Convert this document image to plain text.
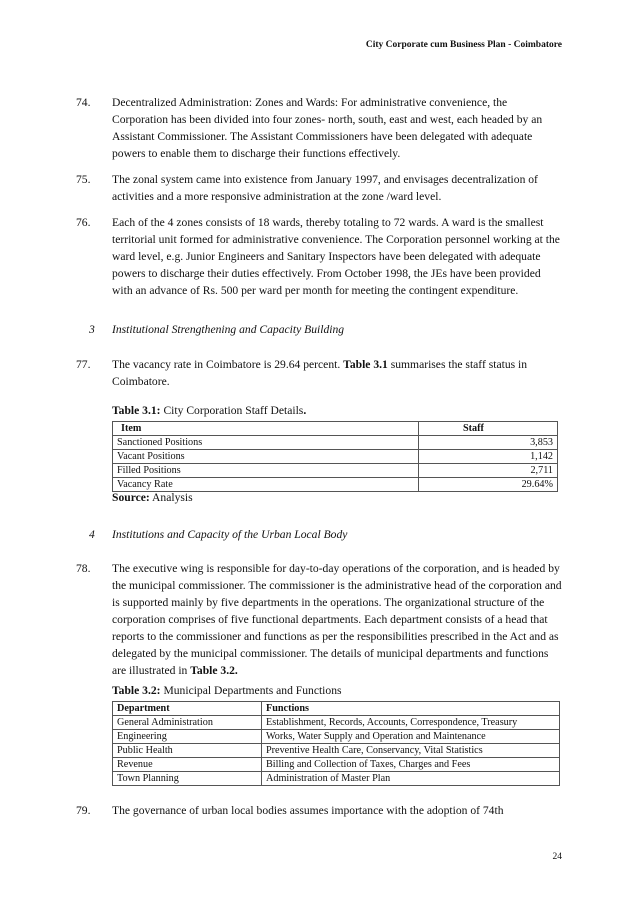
City Corporate cum Business Plan - Coimbatore
74. Decentralized Administration: Zones and Wards: For administrative convenience, the Corporation has been divided into four zones- north, south, east and west, each headed by an Assistant Commissioner. The Assistant Commissioners have been delegated with adequate powers to enable them to discharge their functions effectively.
75. The zonal system came into existence from January 1997, and envisages decentralization of activities and a more responsive administration at the zone /ward level.
76. Each of the 4 zones consists of 18 wards, thereby totaling to 72 wards. A ward is the smallest territorial unit formed for administrative convenience. The Corporation personnel working at the ward level, e.g. Junior Engineers and Sanitary Inspectors have been delegated with adequate powers to discharge their duties effectively. From October 1998, the JEs have been provided with an advance of Rs. 500 per ward per month for meeting the contingent expenditure.
3 Institutional Strengthening and Capacity Building
77. The vacancy rate in Coimbatore is 29.64 percent. Table 3.1 summarises the staff status in Coimbatore.
Table 3.1: City Corporation Staff Details.
Item	Staff
Sanctioned Positions	3,853
Vacant Positions	1,142
Filled Positions	2,711
Vacancy Rate	29.64%
Source: Analysis
4 Institutions and Capacity of the Urban Local Body
78. The executive wing is responsible for day-to-day operations of the corporation, and is headed by the municipal commissioner. The commissioner is the administrative head of the corporation and is supported mainly by five departments in the operations. The organizational structure of the corporation comprises of five functional departments. Each department consists of a head that reports to the commissioner and functions as per the responsibilities prescribed in the Act and as delegated by the municipal commissioner. The details of municipal departments and functions are illustrated in Table 3.2.
Table 3.2: Municipal Departments and Functions
Department	Functions
General Administration	Establishment, Records, Accounts, Correspondence, Treasury
Engineering	Works, Water Supply and Operation and Maintenance
Public Health	Preventive Health Care, Conservancy, Vital Statistics
Revenue	Billing and Collection of Taxes, Charges and Fees
Town Planning	Administration of Master Plan
79. The governance of urban local bodies assumes importance with the adoption of 74th
24
